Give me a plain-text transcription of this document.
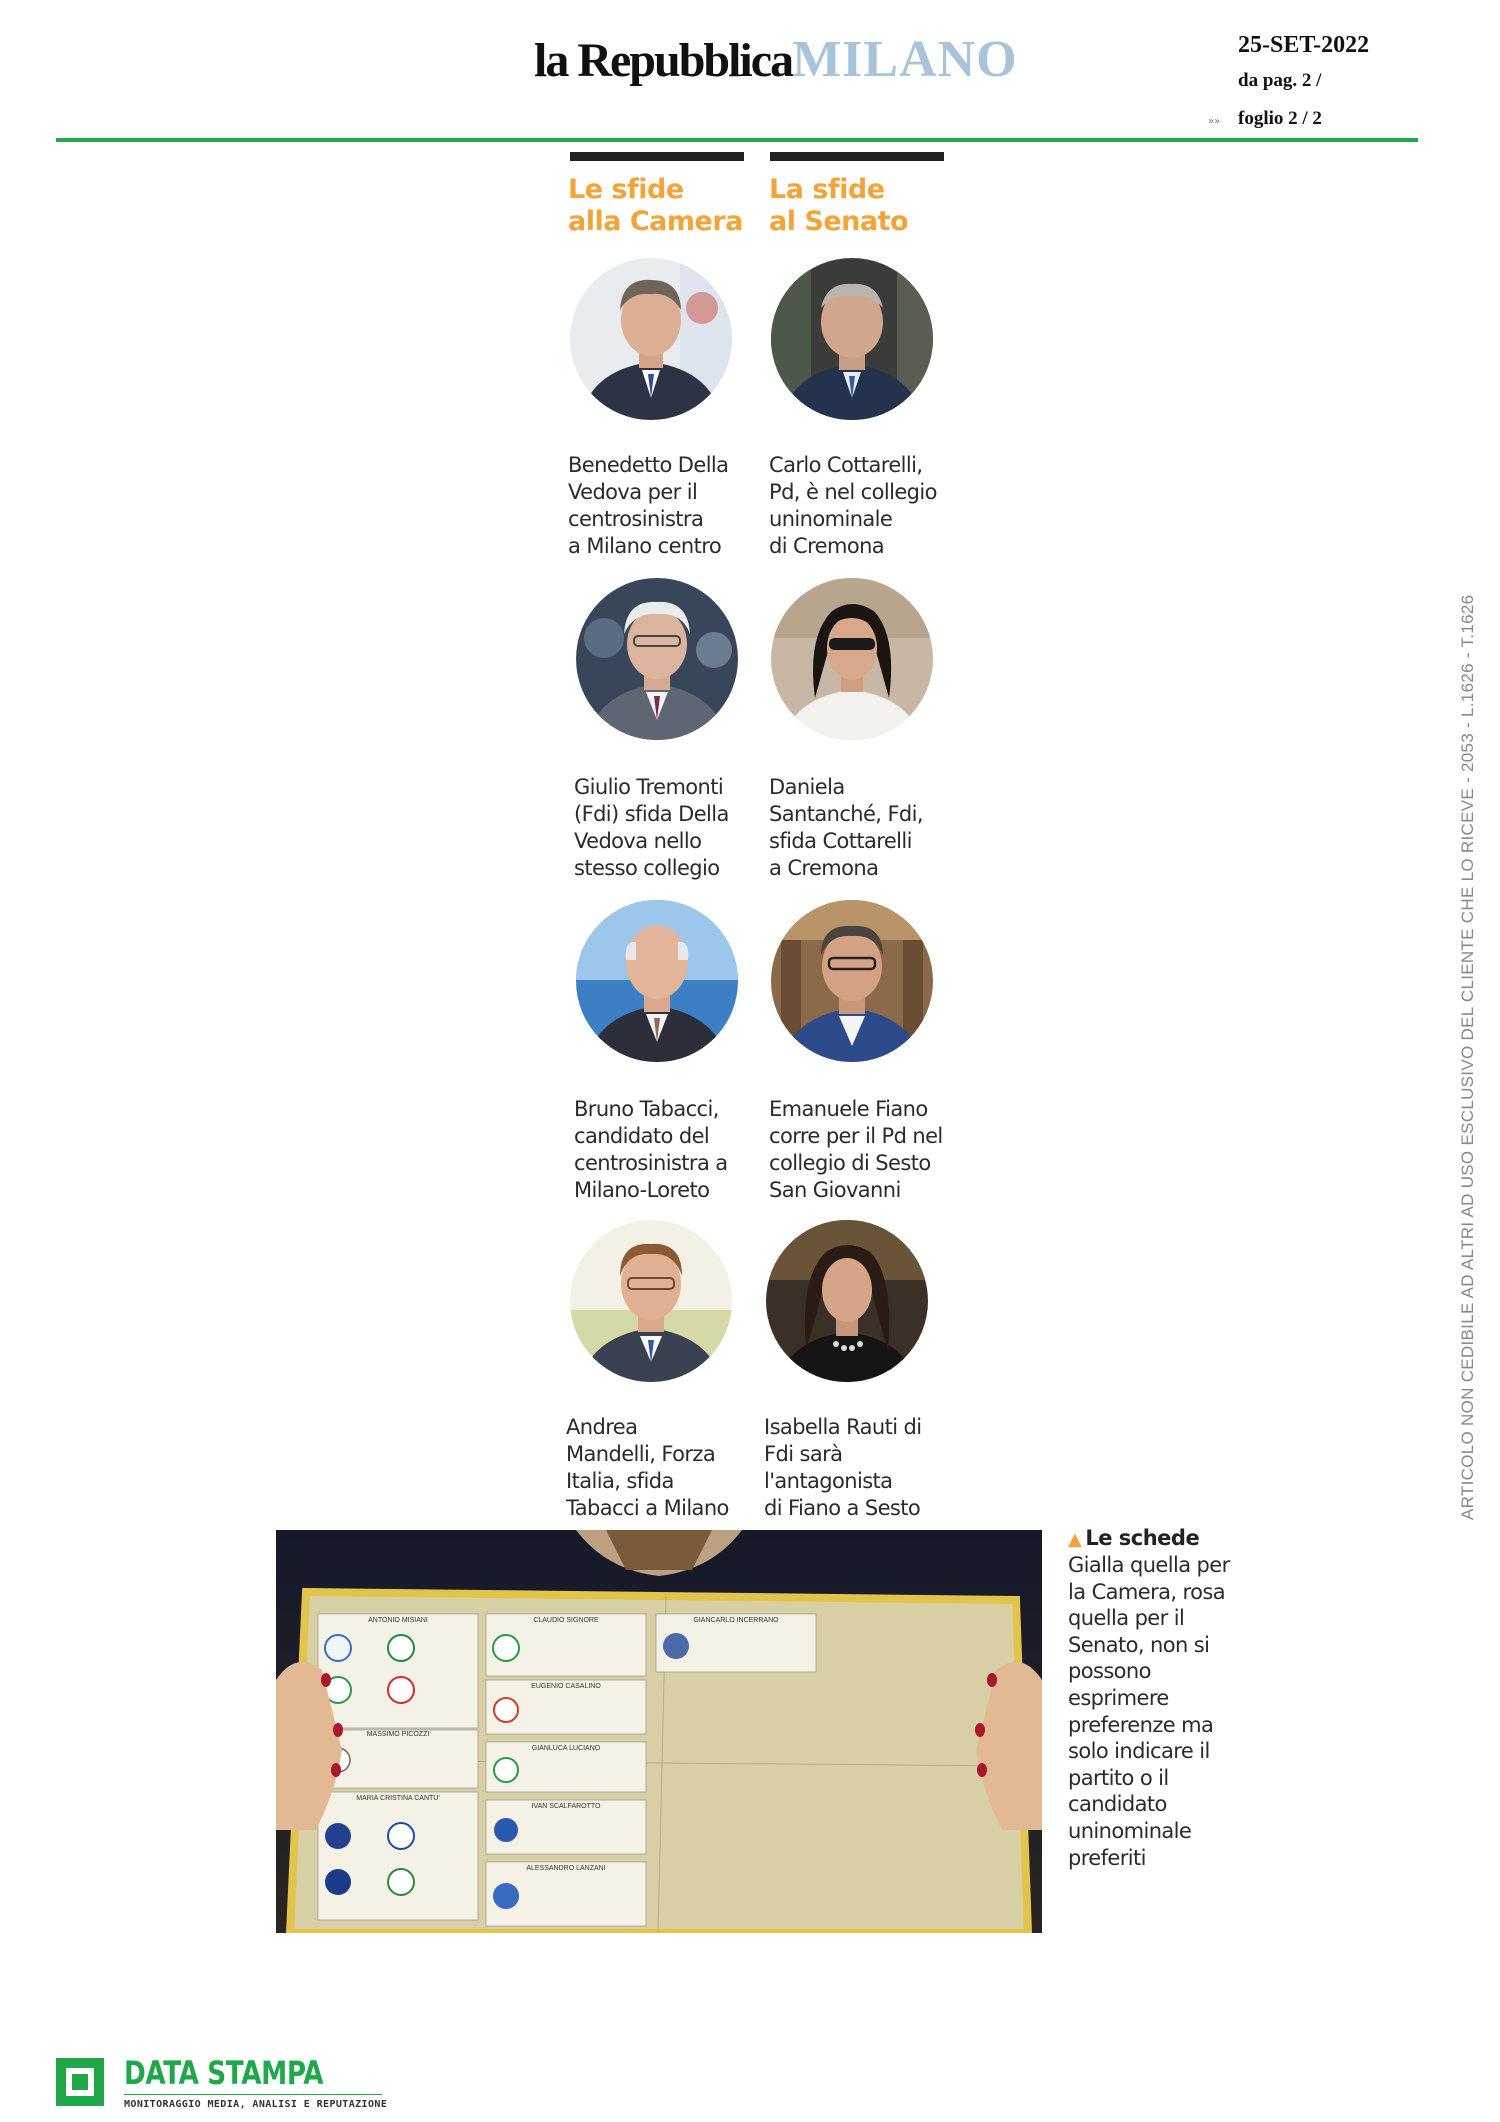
la RepubblicaMILANO	25-SET-2022
da pag. 2 /
»» foglio 2 / 2
Le sfide
alla Camera
La sfide
al Senato
Benedetto Della
Vedova per il
centrosinistra
a Milano centro
Carlo Cottarelli,
Pd, è nel collegio
uninominale
di Cremona
Giulio Tremonti
(Fdi) sfida Della
Vedova nello
stesso collegio
Daniela
Santanché, Fdi,
sfida Cottarelli
a Cremona
Bruno Tabacci,
candidato del
centrosinistra a
Milano-Loreto
Emanuele Fiano
corre per il Pd nel
collegio di Sesto
San Giovanni
Andrea
Mandelli, Forza
Italia, sfida
Tabacci a Milano
Isabella Rauti di
Fdi sarà
l'antagonista
di Fiano a Sesto
ANTONIO MISIANI
MASSIMO PICOZZI
MARIA CRISTINA CANTU'
CLAUDIO SIGNORE
EUGENIO CASALINO
GIANLUCA LUCIANO
IVAN SCALFAROTTO
ALESSANDRO LANZANI
GIANCARLO INCERRANO
▲ Le schede
Gialla quella per
la Camera, rosa
quella per il
Senato, non si
possono
esprimere
preferenze ma
solo indicare il
partito o il
candidato
uninominale
preferiti
ARTICOLO NON CEDIBILE AD ALTRI AD USO ESCLUSIVO DEL CLIENTE CHE LO RICEVE - 2053 - L.1626 - T.1626
DATA STAMPA
MONITORAGGIO MEDIA, ANALISI E REPUTAZIONE
